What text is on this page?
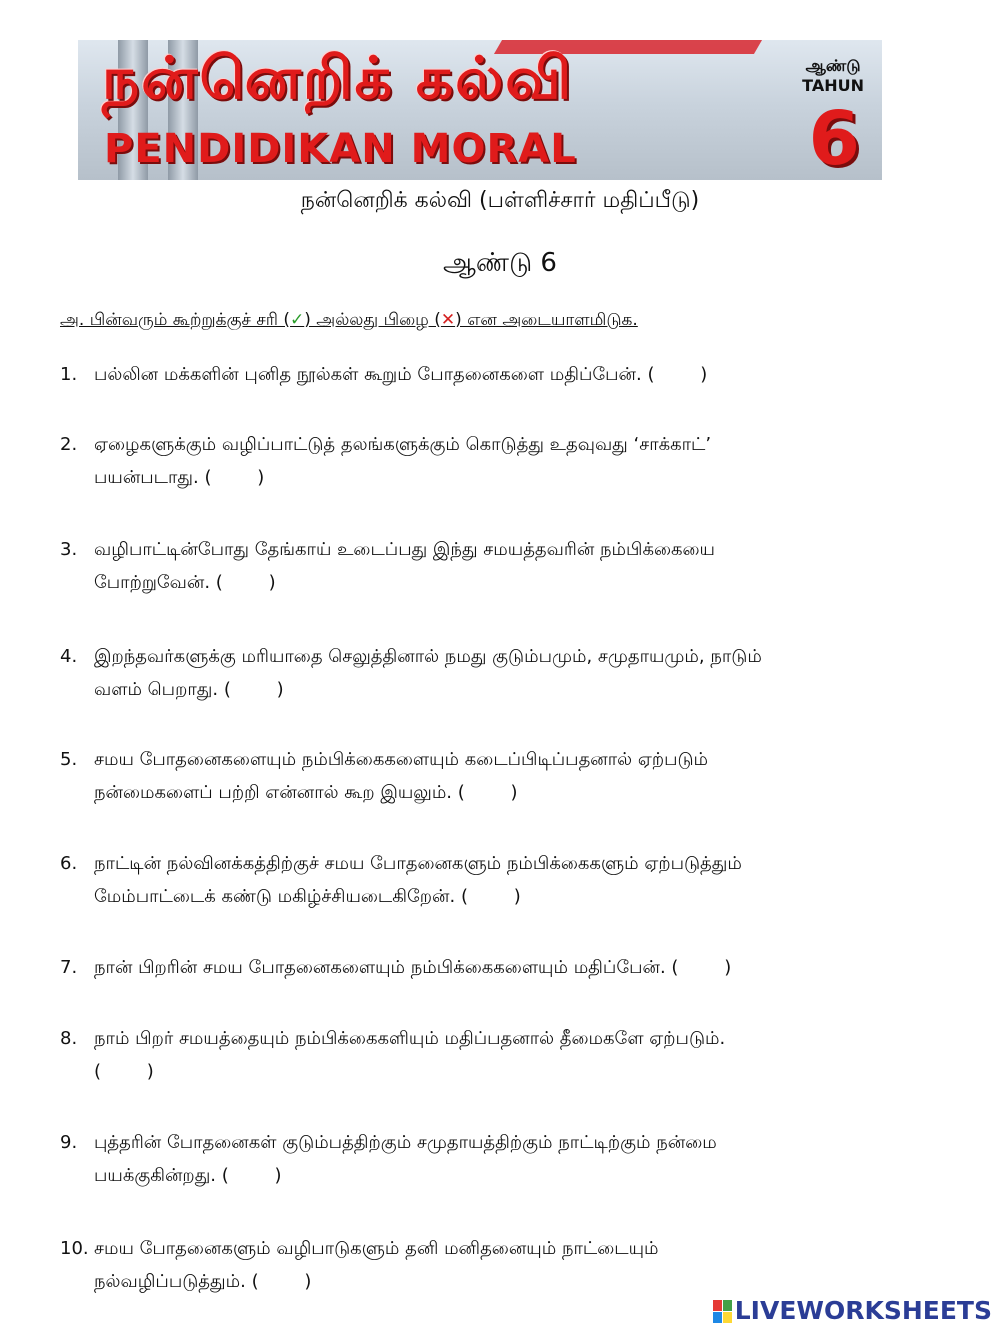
நன்னெறிக் கல்வி
PENDIDIKAN MORAL
ஆண்டு
TAHUN
6
நன்னெறிக் கல்வி (பள்ளிச்சார் மதிப்பீடு)
ஆண்டு 6
அ. பின்வரும் கூற்றுக்குச் சரி (✓) அல்லது பிழை (✕) என அடையாளமிடுக.
1. பல்லின மக்களின் புனித நூல்கள் கூறும் போதனைகளை மதிப்பேன். (        )
2. ஏழைகளுக்கும் வழிப்பாட்டுத் தலங்களுக்கும் கொடுத்து உதவுவது ‘சாக்காட்’
பயன்படாது. (        )
3. வழிபாட்டின்போது தேங்காய் உடைப்பது இந்து சமயத்தவரின் நம்பிக்கையை
போற்றுவேன். (        )
4. இறந்தவர்களுக்கு மரியாதை செலுத்தினால் நமது குடும்பமும், சமுதாயமும், நாடும்
வளம் பெறாது. (        )
5. சமய போதனைகளையும் நம்பிக்கைகளையும் கடைப்பிடிப்பதனால் ஏற்படும்
நன்மைகளைப் பற்றி என்னால் கூற இயலும். (        )
6. நாட்டின் நல்வினக்கத்திற்குச் சமய போதனைகளும் நம்பிக்கைகளும் ஏற்படுத்தும்
மேம்பாட்டைக் கண்டு மகிழ்ச்சியடைகிறேன். (        )
7. நான் பிறரின் சமய போதனைகளையும் நம்பிக்கைகளையும் மதிப்பேன். (        )
8. நாம் பிறர் சமயத்தையும் நம்பிக்கைகளியும் மதிப்பதனால் தீமைகளே ஏற்படும்.
(        )
9. புத்தரின் போதனைகள் குடும்பத்திற்கும் சமுதாயத்திற்கும் நாட்டிற்கும் நன்மை
பயக்குகின்றது. (        )
10. சமய போதனைகளும் வழிபாடுகளும் தனி மனிதனையும் நாட்டையும்
நல்வழிப்படுத்தும். (        )
LIVEWORKSHEETS
